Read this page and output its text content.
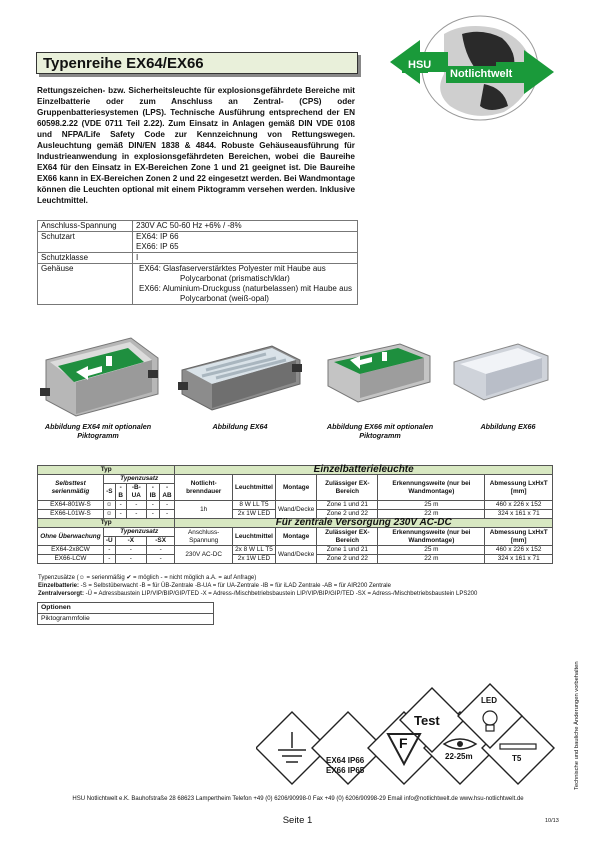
Typenreihe EX64/EX66	HSU
Notlichtwelt
Rettungszeichen- bzw. Sicherheitsleuchte für explosionsgefährdete Bereiche mit Einzelbatterie oder zum Anschluss an Zentral- (CPS) oder Gruppenbatteriesystemen (LPS). Technische Ausführung entsprechend der EN 60598.2.22 (VDE 0711 Teil 2.22). Zum Einsatz in Anlagen gemäß DIN VDE 0108 und NFPA/Life Safety Code zur Kennzeichnung von Rettungswegen. Ausleuchtung gemäß DIN/EN 1838 & 4844. Robuste Gehäuseausführung für Industrieanwendung in explosionsgefährdeten Bereichen, wobei die Baureihe EX64 für den Einsatz in EX-Bereichen Zone 1 und 21 geeignet ist. Die Baureihe EX66 kann in EX-Bereichen Zonen 2 und 22 eingesetzt werden. Bei Wandmontage können die Leuchten optional mit einem Piktogramm versehen werden. Inklusive Leuchtmittel.
Anschluss-Spannung	230V AC 50-60 Hz +6% / -8%
Schutzart	EX64: IP 66
EX66: IP 65

Schutzklasse	I
Gehäuse	EX64: Glasfaserverstärktes Polyester mit Haube aus Polycarbonat (prismatisch/klar)
EX66: Aluminium-Druckguss (naturbelassen) mit Haube aus Polycarbonat (weiß-opal)
Abbildung EX64 mit optionalen Piktogramm
Abbildung EX64	Abbildung EX66 mit optionalen Piktogramm
Abbildung EX66
Typ						Einzelbatterieleuchte					
Selbsttest serienmäßig	Typenzusatz					Notlicht-brenndauer	Leuchtmittel	Montage	Zulässiger EX-Bereich	Erkennungsweite (nur bei Wandmontage)	Abmessung LxHxT [mm]
	-S	-B	-B-UA	-IB	-AB						
EX64-801W-S	☺	-	-	-	-	1h	8 W LL T5	Wand/Decke	Zone 1 und 21	25 m	460 x 226 x 152
EX66-L01W-S	☺	-	-	-	-		2x 1W LED		Zone 2 und 22	22 m	324 x 161 x 71
Typ						Für zentrale Versorgung 230V AC-DC					
Ohne Überwachung	Typenzusatz					Anschluss-Spannung	Leuchtmittel	Montage	Zulässiger EX-Bereich	Erkennungsweite (nur bei Wandmontage)	Abmessung LxHxT [mm]
	-Ü	-X		-SX							
EX64-2x8CW	-	-		-		230V AC-DC	2x 8 W LL T5	Wand/Decke	Zone 1 und 21	25 m	460 x 226 x 152
EX66-LCW	-	-		-			2x 1W LED		Zone 2 und 22	22 m	324 x 161 x 71
Typenzusätze (☺ = serienmäßig ✔ = möglich - = nicht möglich a.A. = auf Anfrage)
Einzelbatterie: -S = Selbstüberwacht -B = für ÜB-Zentrale -B-UA = für UA-Zentrale -IB = für iLAD Zentrale -AB = für AIR200 Zentrale
Zentralversorgt: -Ü = Adressbaustein LIP/VIP/BIP/GIP/TED -X = Adress-/Mischbetriebsbaustein LIP/VIP/BIP/GIP/TED -SX = Adress-/Mischbetriebsbaustein LPS200
Optionen
Piktogrammfolie
Technische und bauliche Änderungen vorbehalten
Test
LED
EX64 IP66
EX66 IP65
F
22-25m	T5
HSU Notlichtwelt e.K. Bauhofstraße 28 68623 Lampertheim Telefon +49 (0) 6206/90998-0 Fax +49 (0) 6206/90998-29 Email info@notlichtwelt.de www.hsu-notlichtwelt.de
Seite 1	10/13
